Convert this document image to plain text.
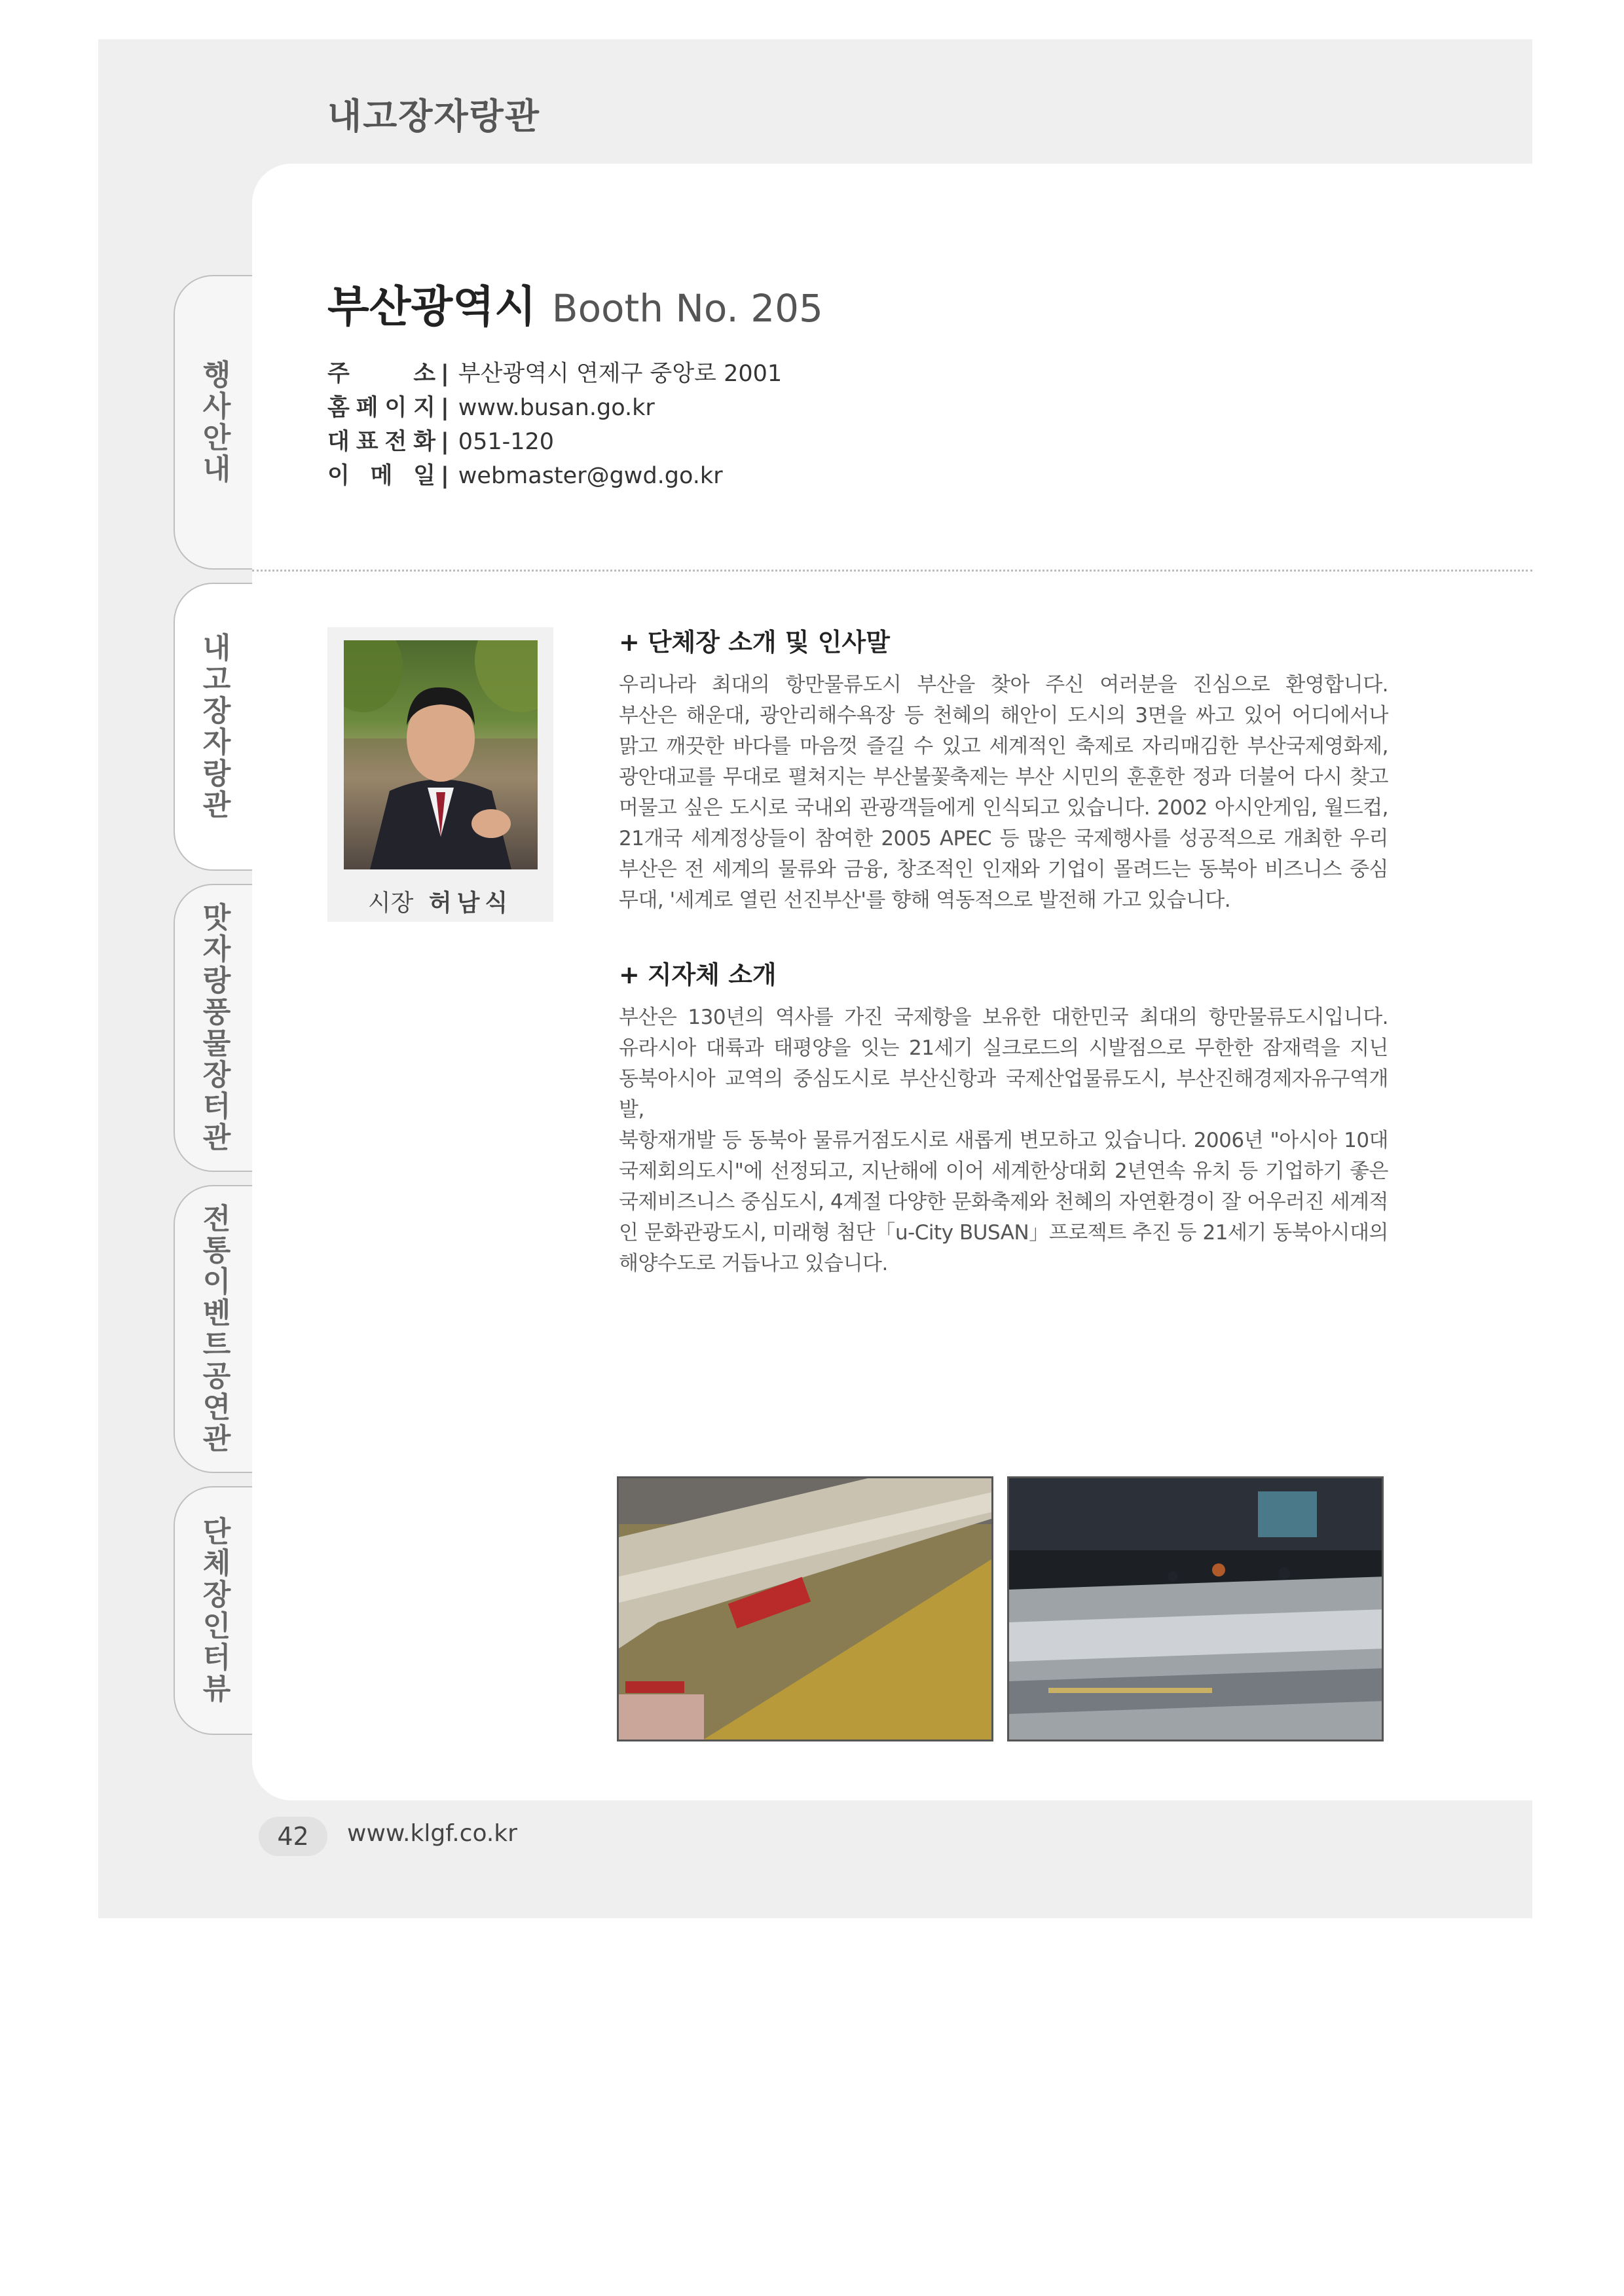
내고장자랑관
행사안내
내고장자랑관
맛자랑풍물장터관
전통이벤트공연관
단체장인터뷰
부산광역시 Booth No. 205
주	소 | 부산광역시 연제구 중앙로 2001
홈 페 이 지 | www.busan.go.kr
대 표 전 화 | 051-120
이 메 일 | webmaster@gwd.go.kr
시장 허남식
+ 단체장 소개 및 인사말

우리나라 최대의 항만물류도시 부산을 찾아 주신 여러분을 진심으로 환영합니다.

부산은 해운대, 광안리해수욕장 등 천혜의 해안이 도시의 3면을 싸고 있어 어디에서나

맑고 깨끗한 바다를 마음껏 즐길 수 있고 세계적인 축제로 자리매김한 부산국제영화제,

광안대교를 무대로 펼쳐지는 부산불꽃축제는 부산 시민의 훈훈한 정과 더불어 다시 찾고

머물고 싶은 도시로 국내외 관광객들에게 인식되고 있습니다. 2002 아시안게임, 월드컵,

21개국 세계정상들이 참여한 2005 APEC 등 많은 국제행사를 성공적으로 개최한 우리

부산은 전 세계의 물류와 금융, 창조적인 인재와 기업이 몰려드는 동북아 비즈니스 중심

무대, '세계로 열린 선진부산'를 향해 역동적으로 발전해 가고 있습니다.

+ 지자체 소개

부산은 130년의 역사를 가진 국제항을 보유한 대한민국 최대의 항만물류도시입니다.

유라시아 대륙과 태평양을 잇는 21세기 실크로드의 시발점으로 무한한 잠재력을 지닌

동북아시아 교역의 중심도시로 부산신항과 국제산업물류도시, 부산진해경제자유구역개발,

북항재개발 등 동북아 물류거점도시로 새롭게 변모하고 있습니다. 2006년 "아시아 10대

국제회의도시"에 선정되고, 지난해에 이어 세계한상대회 2년연속 유치 등 기업하기 좋은

국제비즈니스 중심도시, 4계절 다양한 문화축제와 천혜의 자연환경이 잘 어우러진 세계적

인 문화관광도시, 미래형 첨단「u-City BUSAN」프로젝트 추진 등 21세기 동북아시대의

해양수도로 거듭나고 있습니다.

42	www.klgf.co.kr
